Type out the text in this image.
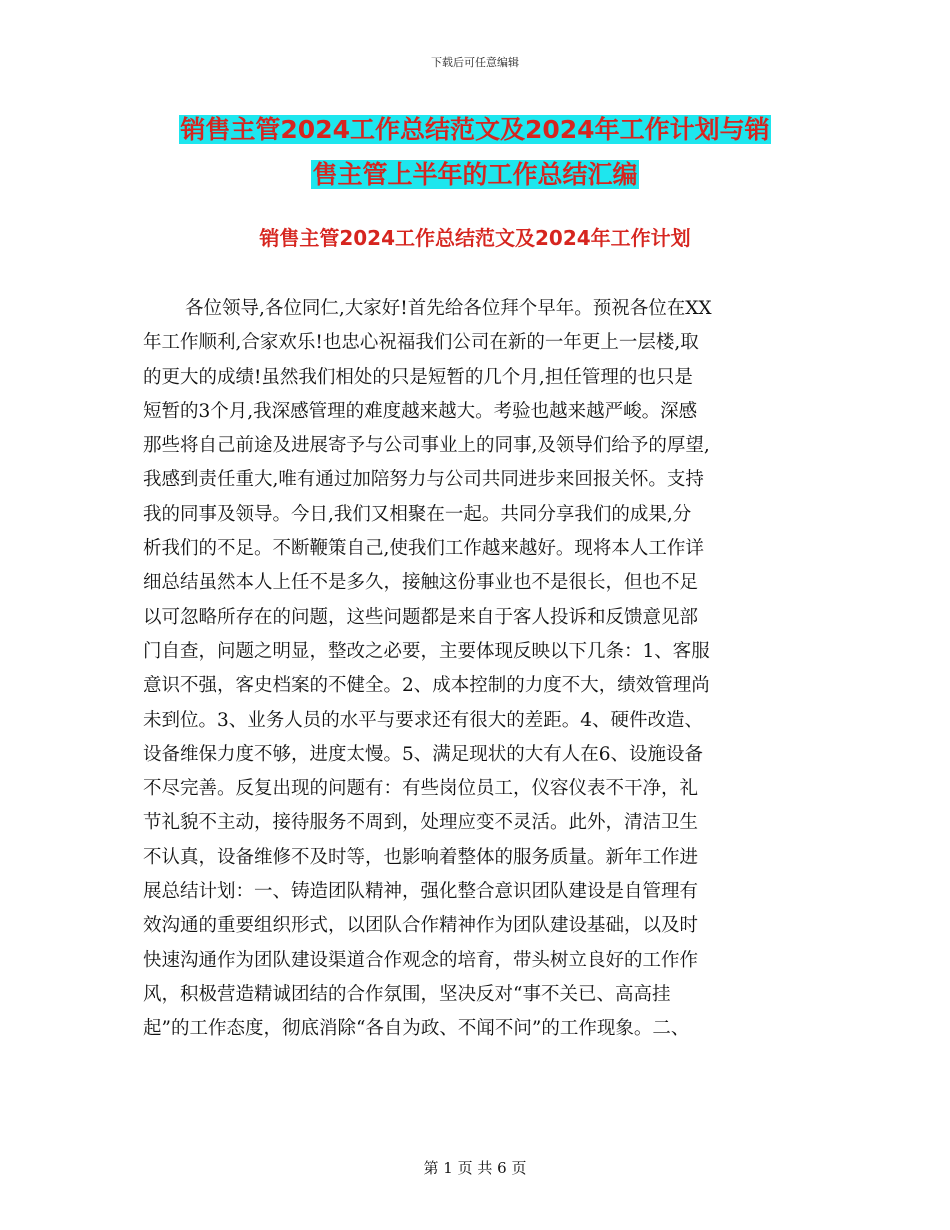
下载后可任意编辑
销售主管2024工作总结范文及2024年工作计划与销
售主管上半年的工作总结汇编
销售主管2024工作总结范文及2024年工作计划
各位领导,各位同仁,大家好!首先给各位拜个早年。预祝各位在XX
年工作顺利,合家欢乐!也忠心祝福我们公司在新的一年更上一层楼,取
的更大的成绩!虽然我们相处的只是短暂的几个月,担任管理的也只是
短暂的3个月,我深感管理的难度越来越大。考验也越来越严峻。深感
那些将自己前途及进展寄予与公司事业上的同事,及领导们给予的厚望,
我感到责任重大,唯有通过加陪努力与公司共同进步来回报关怀。支持
我的同事及领导。今日,我们又相聚在一起。共同分享我们的成果,分
析我们的不足。不断鞭策自己,使我们工作越来越好。现将本人工作详
细总结虽然本人上任不是多久，接触这份事业也不是很长，但也不足
以可忽略所存在的问题，这些问题都是来自于客人投诉和反馈意见部
门自查，问题之明显，整改之必要，主要体现反映以下几条：1、客服
意识不强，客史档案的不健全。2、成本控制的力度不大，绩效管理尚
未到位。3、业务人员的水平与要求还有很大的差距。4、硬件改造、
设备维保力度不够，进度太慢。5、满足现状的大有人在6、设施设备
不尽完善。反复出现的问题有：有些岗位员工，仪容仪表不干净，礼
节礼貌不主动，接待服务不周到，处理应变不灵活。此外，清洁卫生
不认真，设备维修不及时等，也影响着整体的服务质量。新年工作进
展总结计划：一、铸造团队精神，强化整合意识团队建设是自管理有
效沟通的重要组织形式，以团队合作精神作为团队建设基础，以及时
快速沟通作为团队建设渠道合作观念的培育，带头树立良好的工作作
风，积极营造精诚团结的合作氛围，坚决反对“事不关已、高高挂
起”的工作态度，彻底消除“各自为政、不闻不问”的工作现象。二、
第 1 页 共 6 页
